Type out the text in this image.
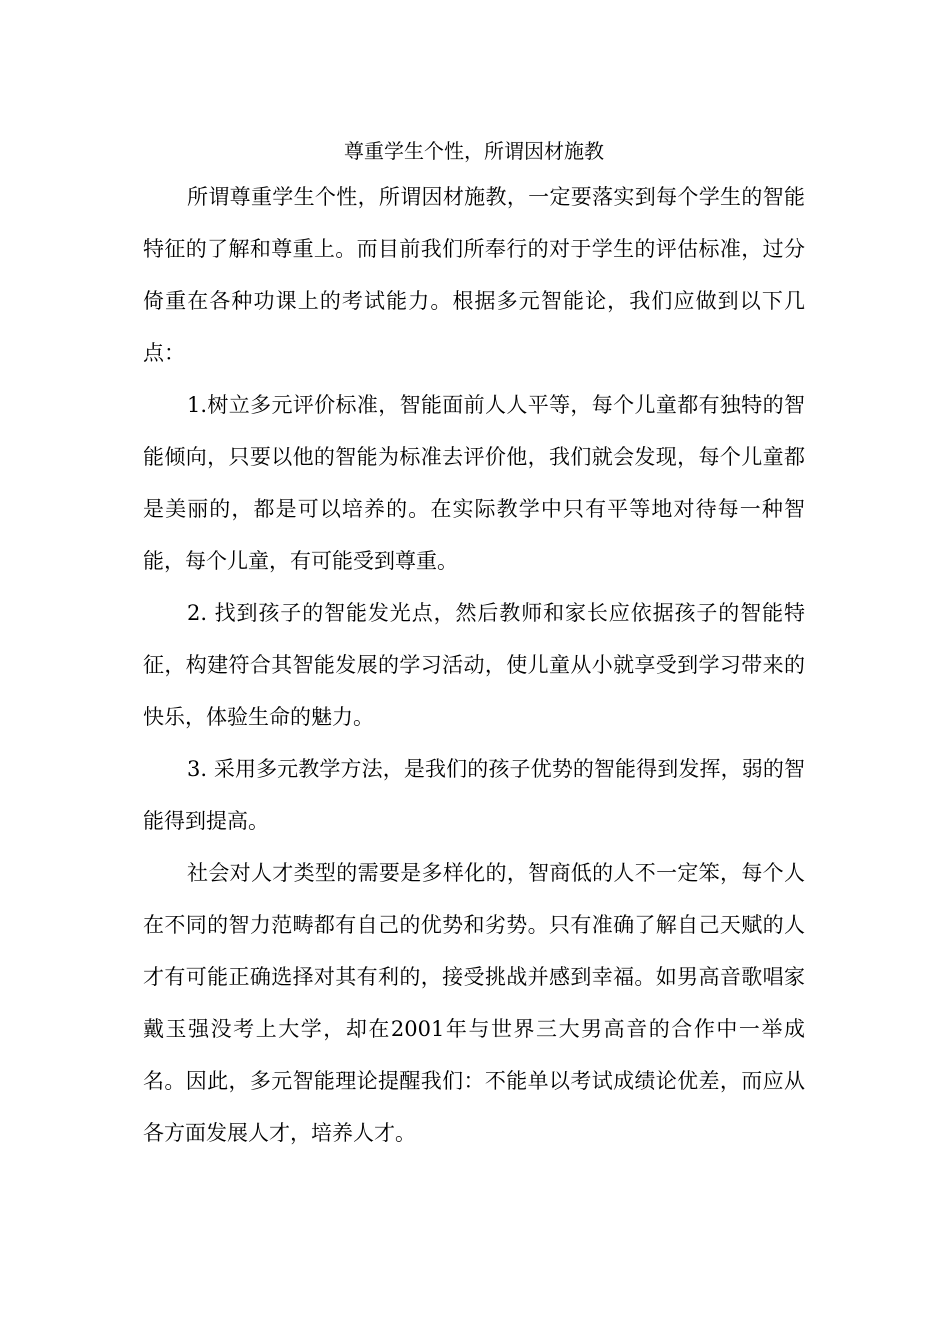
尊重学生个性，所谓因材施教

所谓尊重学生个性，所谓因材施教，一定要落实到每个学生的智能特征的了解和尊重上。而目前我们所奉行的对于学生的评估标准，过分倚重在各种功课上的考试能力。根据多元智能论，我们应做到以下几点：

1.树立多元评价标准，智能面前人人平等，每个儿童都有独特的智能倾向，只要以他的智能为标准去评价他，我们就会发现，每个儿童都是美丽的，都是可以培养的。在实际教学中只有平等地对待每一种智能，每个儿童，有可能受到尊重。

2. 找到孩子的智能发光点，然后教师和家长应依据孩子的智能特征，构建符合其智能发展的学习活动，使儿童从小就享受到学习带来的快乐，体验生命的魅力。

3. 采用多元教学方法，是我们的孩子优势的智能得到发挥，弱的智能得到提高。

社会对人才类型的需要是多样化的，智商低的人不一定笨，每个人在不同的智力范畴都有自己的优势和劣势。只有准确了解自己天赋的人才有可能正确选择对其有利的，接受挑战并感到幸福。如男高音歌唱家戴玉强没考上大学，却在2001年与世界三大男高音的合作中一举成名。因此，多元智能理论提醒我们：不能单以考试成绩论优差，而应从各方面发展人才，培养人才。
